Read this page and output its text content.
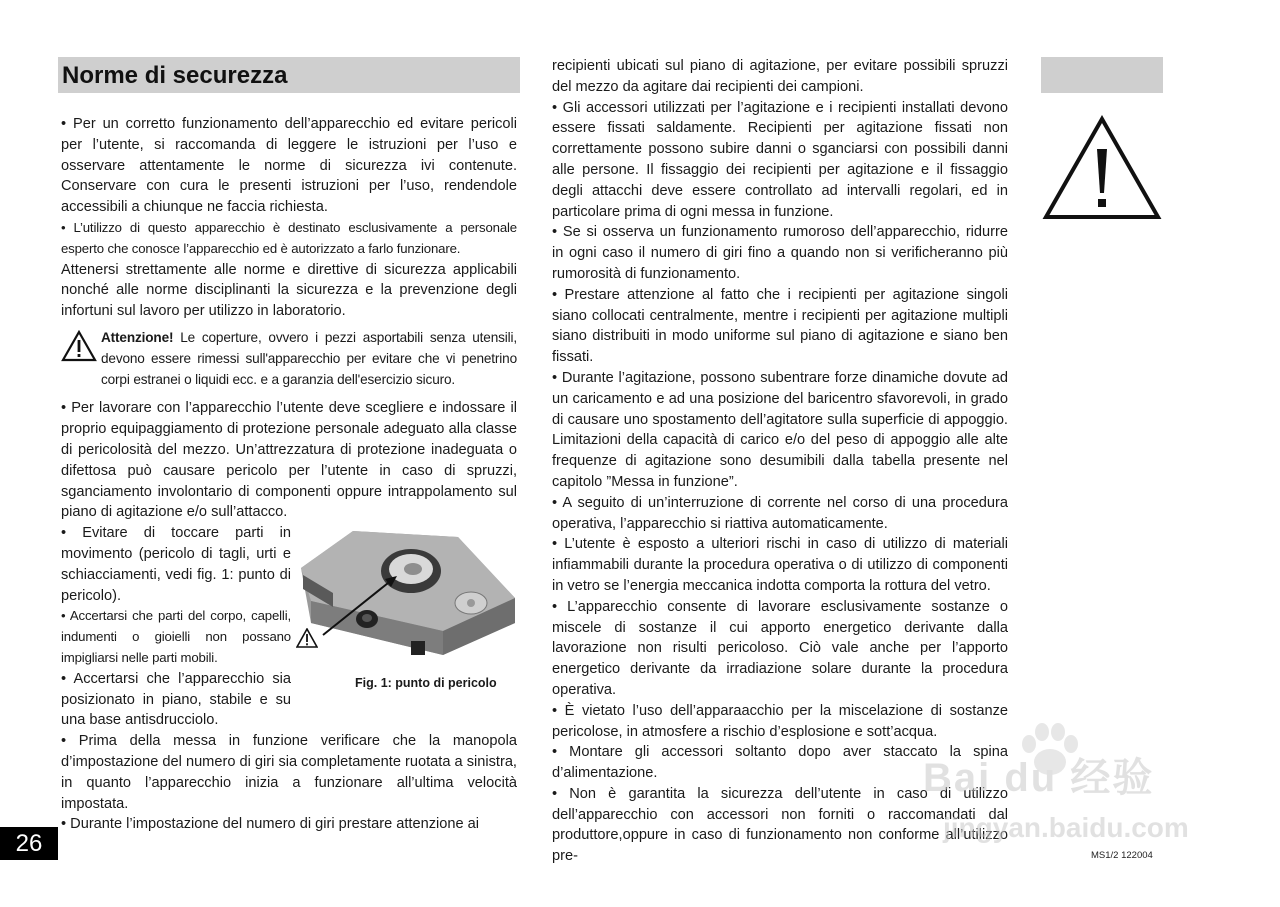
Norme di securezza

• Per un corretto funzionamento dell’apparecchio ed evitare pericoli per l’utente, si raccomanda di leggere le istruzioni per l’uso e osservare attentamente le norme di sicurezza ivi contenute. Conservare con cura le presenti istruzioni per l’uso, rendendole accessibili a chiunque ne faccia richiesta.

• L’utilizzo di questo apparecchio è destinato esclusivamente a personale esperto che conosce l’apparecchio ed è autorizzato a farlo funzionare.

Attenersi strettamente alle norme e direttive di sicurezza applicabili nonché alle norme disciplinanti la sicurezza e la prevenzione degli infortuni sul lavoro per utilizzo in laboratorio.

Attenzione! Le coperture, ovvero i pezzi asportabili senza utensili, devono essere rimessi sull'apparecchio per evitare che vi penetrino corpi estranei o liquidi ecc. e a garanzia dell'esercizio sicuro.

• Per lavorare con l’apparecchio l’utente deve scegliere e indossare il proprio equipaggiamento di protezione personale adeguato alla classe di pericolosità del mezzo. Un’attrezzatura di protezione inadeguata o difettosa può causare pericolo per l’utente in caso di spruzzi, sganciamento involontario di componenti oppure intrappolamento sul piano di agitazione e/o sull’attacco.

• Evitare di toccare parti in movimento (pericolo di tagli, urti e schiacciamenti, vedi fig. 1: punto di pericolo).

• Accertarsi che parti del corpo, capelli, indumenti o gioielli non possano impigliarsi nelle parti mobili.

• Accertarsi che l’apparecchio sia posizionato in piano, stabile e su una base antisdrucciolo.

Fig. 1: punto di pericolo

• Prima della messa in funzione verificare che la manopola d’impostazione del numero di giri sia completamente ruotata a sinistra, in quanto l’apparecchio inizia a funzionare all’ultima velocità impostata.

• Durante l’impostazione del numero di giri prestare attenzione ai

recipienti ubicati sul piano di agitazione, per evitare possibili spruzzi del mezzo da agitare dai recipienti dei campioni.

• Gli accessori utilizzati per l’agitazione e i recipienti installati devono essere fissati saldamente. Recipienti per agitazione fissati non correttamente possono subire danni o sganciarsi con possibili danni alle persone. Il fissaggio dei recipienti per agitazione e il fissaggio degli attacchi deve essere controllato ad intervalli regolari, ed in particolare prima di ogni messa in funzione.

• Se si osserva un funzionamento rumoroso dell’apparecchio, ridurre in ogni caso il numero di giri fino a quando non si verificheranno più rumorosità di funzionamento.

• Prestare attenzione al fatto che i recipienti per agitazione singoli siano collocati centralmente, mentre i recipienti per agitazione multipli siano distribuiti in modo uniforme sul piano di agitazione e siano ben fissati.

• Durante l’agitazione, possono subentrare forze dinamiche dovute ad un caricamento e ad una posizione del baricentro sfavorevoli, in grado di causare uno spostamento dell’agitatore sulla superficie di appoggio. Limitazioni della capacità di carico e/o del peso di appoggio alle alte frequenze di agitazione sono desumibili dalla tabella presente nel capitolo ”Messa in funzione”.

• A seguito di un’interruzione di corrente nel corso di una procedura operativa, l’apparecchio si riattiva automaticamente.

• L’utente è esposto a ulteriori rischi in caso di utilizzo di materiali infiammabili durante la procedura operativa o di utilizzo di componenti in vetro se l’energia meccanica indotta comporta la rottura del vetro.

• L’apparecchio consente di lavorare esclusivamente sostanze o miscele di sostanze il cui apporto energetico derivante dalla lavorazione non risulti pericoloso. Ciò vale anche per l’apporto energetico derivante da irradiazione solare durante la procedura operativa.

• È vietato l’uso dell’apparaacchio per la miscelazione di sostanze pericolose, in atmosfere a rischio d’esplosione e sott’acqua.

• Montare gli accessori soltanto dopo aver staccato la spina d’alimentazione.

• Non è garantita la sicurezza dell’utente in caso di utilizzo dell’apparecchio con accessori non forniti o raccomandati dal produttore,oppure in caso di funzionamento non conforme all’utilizzo pre-

26	MS1/2 122004
Bai du 经验
jingyan.baidu.com
